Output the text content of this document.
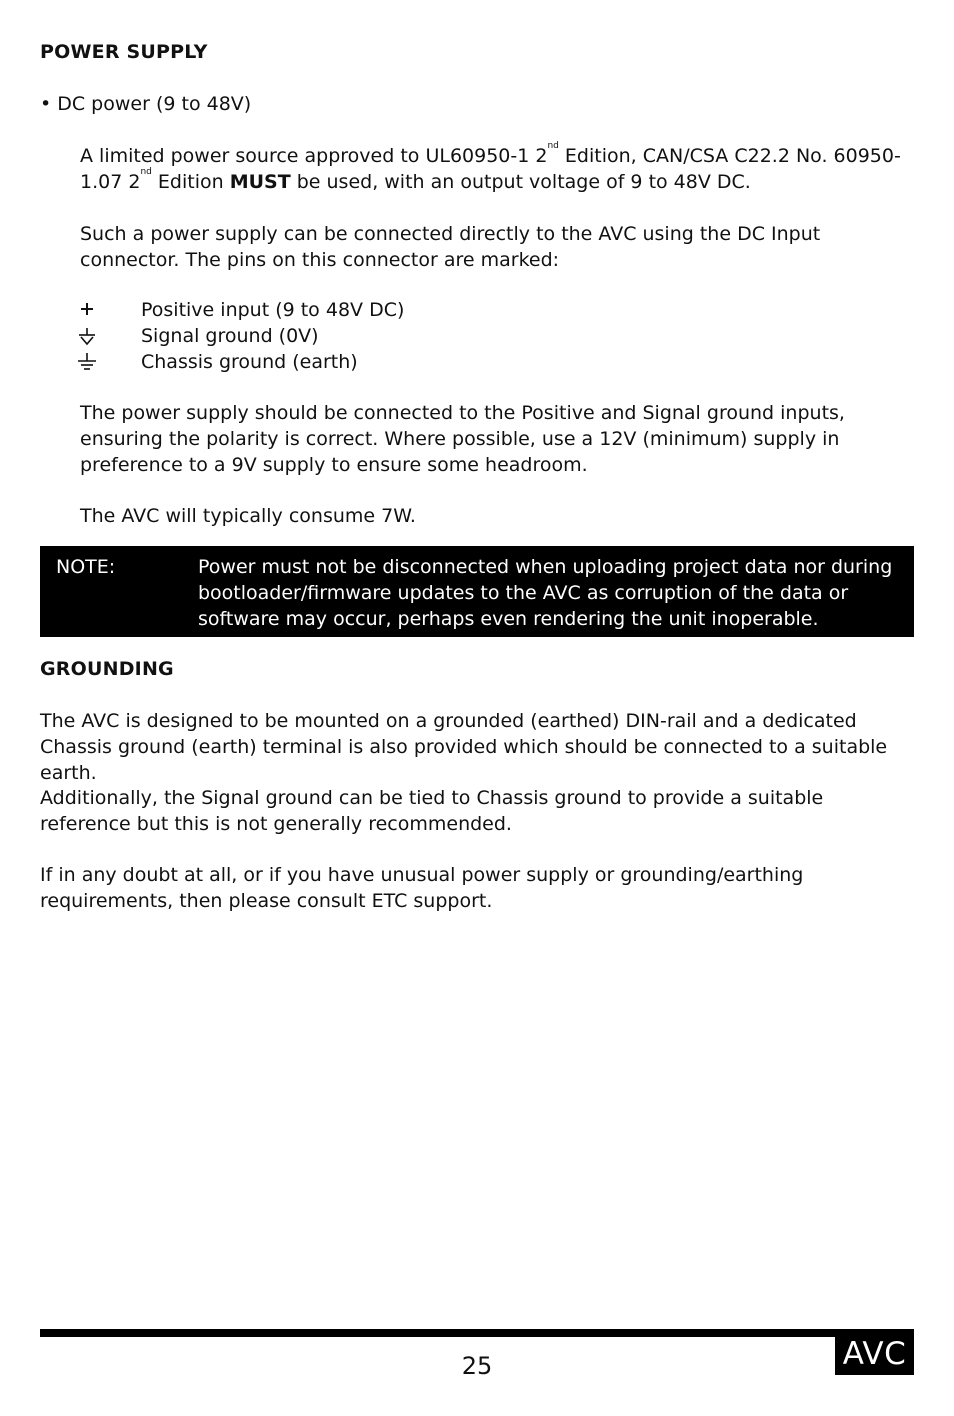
POWER SUPPLY
• DC power (9 to 48V)
A limited power source approved to UL60950-1 2nd Edition, CAN/CSA C22.2 No. 60950-1.07 2nd Edition MUST be used, with an output voltage of 9 to 48V DC.
Such a power supply can be connected directly to the AVC using the DC Input connector. The pins on this connector are marked:
Positive input (9 to 48V DC)
Signal ground (0V)
Chassis ground (earth)
The power supply should be connected to the Positive and Signal ground inputs, ensuring the polarity is correct. Where possible, use a 12V (minimum) supply in preference to a 9V supply to ensure some headroom.
The AVC will typically consume 7W.
NOTE:	Power must not be disconnected when uploading project data nor during bootloader/firmware updates to the AVC as corruption of the data or software may occur, perhaps even rendering the unit inoperable.
GROUNDING
The AVC is designed to be mounted on a grounded (earthed) DIN-rail and a dedicated Chassis ground (earth) terminal is also provided which should be connected to a suitable earth.
Additionally, the Signal ground can be tied to Chassis ground to provide a suitable reference but this is not generally recommended.
If in any doubt at all, or if you have unusual power supply or grounding/earthing requirements, then please consult ETC support.
25	AVC
